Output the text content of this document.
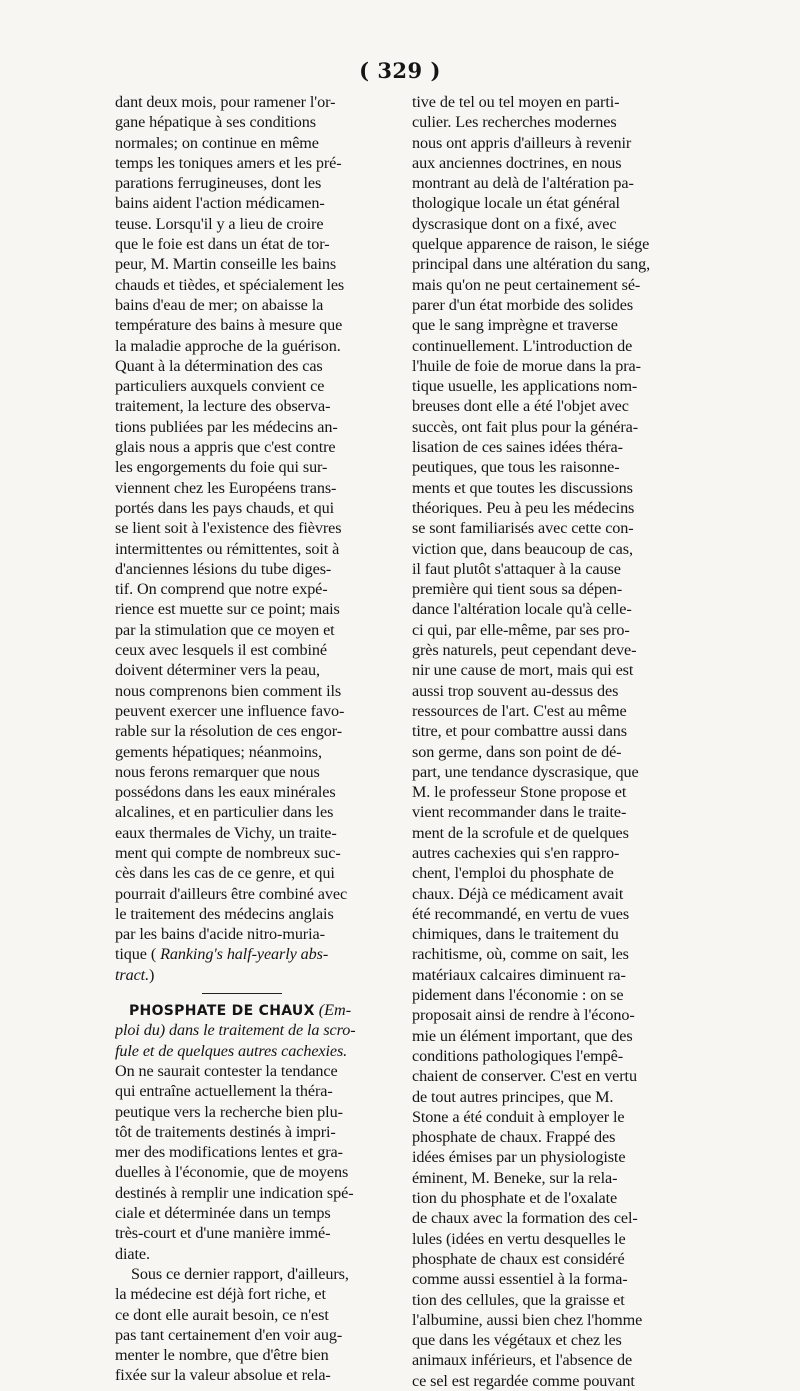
( 329 )
dant deux mois, pour ramener l'or-
gane hépatique à ses conditions
normales; on continue en même
temps les toniques amers et les pré-
parations ferrugineuses, dont les
bains aident l'action médicamen-
teuse. Lorsqu'il y a lieu de croire
que le foie est dans un état de tor-
peur, M. Martin conseille les bains
chauds et tièdes, et spécialement les
bains d'eau de mer; on abaisse la
température des bains à mesure que
la maladie approche de la guérison.
Quant à la détermination des cas
particuliers auxquels convient ce
traitement, la lecture des observa-
tions publiées par les médecins an-
glais nous a appris que c'est contre
les engorgements du foie qui sur-
viennent chez les Européens trans-
portés dans les pays chauds, et qui
se lient soit à l'existence des fièvres
intermittentes ou rémittentes, soit à
d'anciennes lésions du tube diges-
tif. On comprend que notre expé-
rience est muette sur ce point; mais
par la stimulation que ce moyen et
ceux avec lesquels il est combiné
doivent déterminer vers la peau,
nous comprenons bien comment ils
peuvent exercer une influence favo-
rable sur la résolution de ces engor-
gements hépatiques; néanmoins,
nous ferons remarquer que nous
possédons dans les eaux minérales
alcalines, et en particulier dans les
eaux thermales de Vichy, un traite-
ment qui compte de nombreux suc-
cès dans les cas de ce genre, et qui
pourrait d'ailleurs être combiné avec
le traitement des médecins anglais
par les bains d'acide nitro-muria-
tique ( Ranking's half-yearly abs-
tract.)
PHOSPHATE DE CHAUX (Em-
ploi du) dans le traitement de la scro-
fule et de quelques autres cachexies.
On ne saurait contester la tendance
qui entraîne actuellement la théra-
peutique vers la recherche bien plu-
tôt de traitements destinés à impri-
mer des modifications lentes et gra-
duelles à l'économie, que de moyens
destinés à remplir une indication spé-
ciale et déterminée dans un temps
très-court et d'une manière immé-
diate.
Sous ce dernier rapport, d'ailleurs,
la médecine est déjà fort riche, et
ce dont elle aurait besoin, ce n'est
pas tant certainement d'en voir aug-
menter le nombre, que d'être bien
fixée sur la valeur absolue et rela-
tive de tel ou tel moyen en parti-
culier. Les recherches modernes
nous ont appris d'ailleurs à revenir
aux anciennes doctrines, en nous
montrant au delà de l'altération pa-
thologique locale un état général
dyscrasique dont on a fixé, avec
quelque apparence de raison, le siége
principal dans une altération du sang,
mais qu'on ne peut certainement sé-
parer d'un état morbide des solides
que le sang imprègne et traverse
continuellement. L'introduction de
l'huile de foie de morue dans la pra-
tique usuelle, les applications nom-
breuses dont elle a été l'objet avec
succès, ont fait plus pour la généra-
lisation de ces saines idées théra-
peutiques, que tous les raisonne-
ments et que toutes les discussions
théoriques. Peu à peu les médecins
se sont familiarisés avec cette con-
viction que, dans beaucoup de cas,
il faut plutôt s'attaquer à la cause
première qui tient sous sa dépen-
dance l'altération locale qu'à celle-
ci qui, par elle-même, par ses pro-
grès naturels, peut cependant deve-
nir une cause de mort, mais qui est
aussi trop souvent au-dessus des
ressources de l'art. C'est au même
titre, et pour combattre aussi dans
son germe, dans son point de dé-
part, une tendance dyscrasique, que
M. le professeur Stone propose et
vient recommander dans le traite-
ment de la scrofule et de quelques
autres cachexies qui s'en rappro-
chent, l'emploi du phosphate de
chaux. Déjà ce médicament avait
été recommandé, en vertu de vues
chimiques, dans le traitement du
rachitisme, où, comme on sait, les
matériaux calcaires diminuent ra-
pidement dans l'économie : on se
proposait ainsi de rendre à l'écono-
mie un élément important, que des
conditions pathologiques l'empê-
chaient de conserver. C'est en vertu
de tout autres principes, que M.
Stone a été conduit à employer le
phosphate de chaux. Frappé des
idées émises par un physiologiste
éminent, M. Beneke, sur la rela-
tion du phosphate et de l'oxalate
de chaux avec la formation des cel-
lules (idées en vertu desquelles le
phosphate de chaux est considéré
comme aussi essentiel à la forma-
tion des cellules, que la graisse et
l'albumine, aussi bien chez l'homme
que dans les végétaux et chez les
animaux inférieurs, et l'absence de
ce sel est regardée comme pouvant
